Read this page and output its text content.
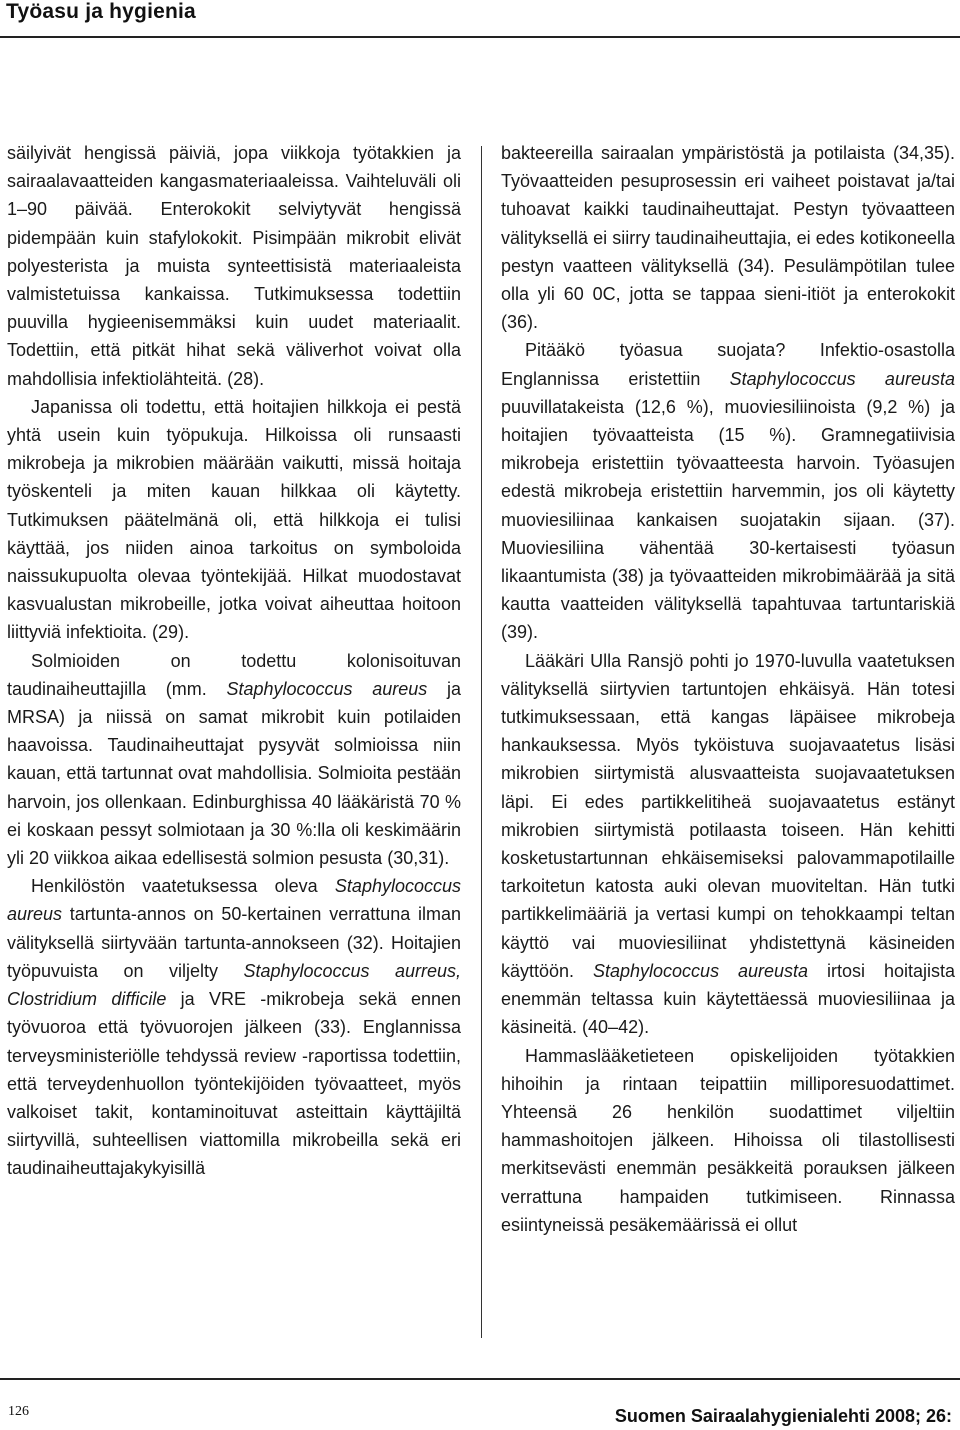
Työasu ja hygienia

säilyivät hengissä päiviä, jopa viikkoja työtakkien ja sairaalavaatteiden kangasmateriaaleissa. Vaihteluväli oli 1–90 päivää. Enterokokit selviytyvät hengissä pidempään kuin stafylokokit. Pisimpään mikrobit elivät polyesterista ja muista synteettisistä materiaaleista valmistetuissa kankaissa. Tutkimuksessa todettiin puuvilla hygieenisemmäksi kuin uudet materiaalit. Todettiin, että pitkät hihat sekä väliverhot voivat olla mahdollisia infektiolähteitä. (28).

Japanissa oli todettu, että hoitajien hilkkoja ei pestä yhtä usein kuin työpukuja. Hilkoissa oli runsaasti mikrobeja ja mikrobien määrään vaikutti, missä hoitaja työskenteli ja miten kauan hilkkaa oli käytetty. Tutkimuksen päätelmänä oli, että hilkkoja ei tulisi käyttää, jos niiden ainoa tarkoitus on symboloida naissukupuolta olevaa työntekijää. Hilkat muodostavat kasvualustan mikrobeille, jotka voivat aiheuttaa hoitoon liittyviä infektioita. (29).

Solmioiden on todettu kolonisoituvan taudinaiheuttajilla (mm. Staphylococcus aureus ja MRSA) ja niissä on samat mikrobit kuin potilaiden haavoissa. Taudinaiheuttajat pysyvät solmioissa niin kauan, että tartunnat ovat mahdollisia. Solmioita pestään harvoin, jos ollenkaan. Edinburghissa 40 lääkäristä 70 % ei koskaan pessyt solmiotaan ja 30 %:lla oli keskimäärin yli 20 viikkoa aikaa edellisestä solmion pesusta (30,31).

Henkilöstön vaatetuksessa oleva Staphylococcus aureus tartunta-annos on 50-kertainen verrattuna ilman välityksellä siirtyvään tartunta-annokseen (32). Hoitajien työpuvuista on viljelty Staphylococcus aurreus, Clostridium difficile ja VRE -mikrobeja sekä ennen työvuoroa että työvuorojen jälkeen (33). Englannissa terveysministeriölle tehdyssä review -raportissa todettiin, että terveydenhuollon työntekijöiden työvaatteet, myös valkoiset takit, kontaminoituvat asteittain käyttäjiltä siirtyvillä, suhteellisen viattomilla mikrobeilla sekä eri taudinaiheuttajakykyisillä

bakteereilla sairaalan ympäristöstä ja potilaista (34,35). Työvaatteiden pesuprosessin eri vaiheet poistavat ja/tai tuhoavat kaikki taudinaiheuttajat. Pestyn työvaatteen välityksellä ei siirry taudinaiheuttajia, ei edes kotikoneella pestyn vaatteen välityksellä (34). Pesulämpötilan tulee olla yli 60 0C, jotta se tappaa sieni-itiöt ja enterokokit (36).

Pitääkö työasua suojata? Infektio-osastolla Englannissa eristettiin Staphylococcus aureusta puuvillatakeista (12,6 %), muoviesiliinoista (9,2 %) ja hoitajien työvaatteista (15 %). Gramnegatiivisia mikrobeja eristettiin työvaatteesta harvoin. Työasujen edestä mikrobeja eristettiin harvemmin, jos oli käytetty muoviesiliinaa kankaisen suojatakin sijaan. (37). Muoviesiliina vähentää 30-kertaisesti työasun likaantumista (38) ja työvaatteiden mikrobimäärää ja sitä kautta vaatteiden välityksellä tapahtuvaa tartuntariskiä (39).

Lääkäri Ulla Ransjö pohti jo 1970-luvulla vaatetuksen välityksellä siirtyvien tartuntojen ehkäisyä. Hän totesi tutkimuksessaan, että kangas läpäisee mikrobeja hankauksessa. Myös tyköistuva suojavaatetus lisäsi mikrobien siirtymistä alusvaatteista suojavaatetuksen läpi. Ei edes partikkelitiheä suojavaatetus estänyt mikrobien siirtymistä potilaasta toiseen. Hän kehitti kosketustartunnan ehkäisemiseksi palovammapotilaille tarkoitetun katosta auki olevan muoviteltan. Hän tutki partikkelimääriä ja vertasi kumpi on tehokkaampi teltan käyttö vai muoviesiliinat yhdistettynä käsineiden käyttöön. Staphylococcus aureusta irtosi hoitajista enemmän teltassa kuin käytettäessä muoviesiliinaa ja käsineitä. (40–42).

Hammaslääketieteen opiskelijoiden työtakkien hihoihin ja rintaan teipattiin milliporesuodattimet. Yhteensä 26 henkilön suodattimet viljeltiin hammashoitojen jälkeen. Hihoissa oli tilastollisesti merkitsevästi enemmän pesäkkeitä porauksen jälkeen verrattuna hampaiden tutkimiseen. Rinnassa esiintyneissä pesäkemäärissä ei ollut

126	Suomen Sairaalahygienialehti 2008; 26:
